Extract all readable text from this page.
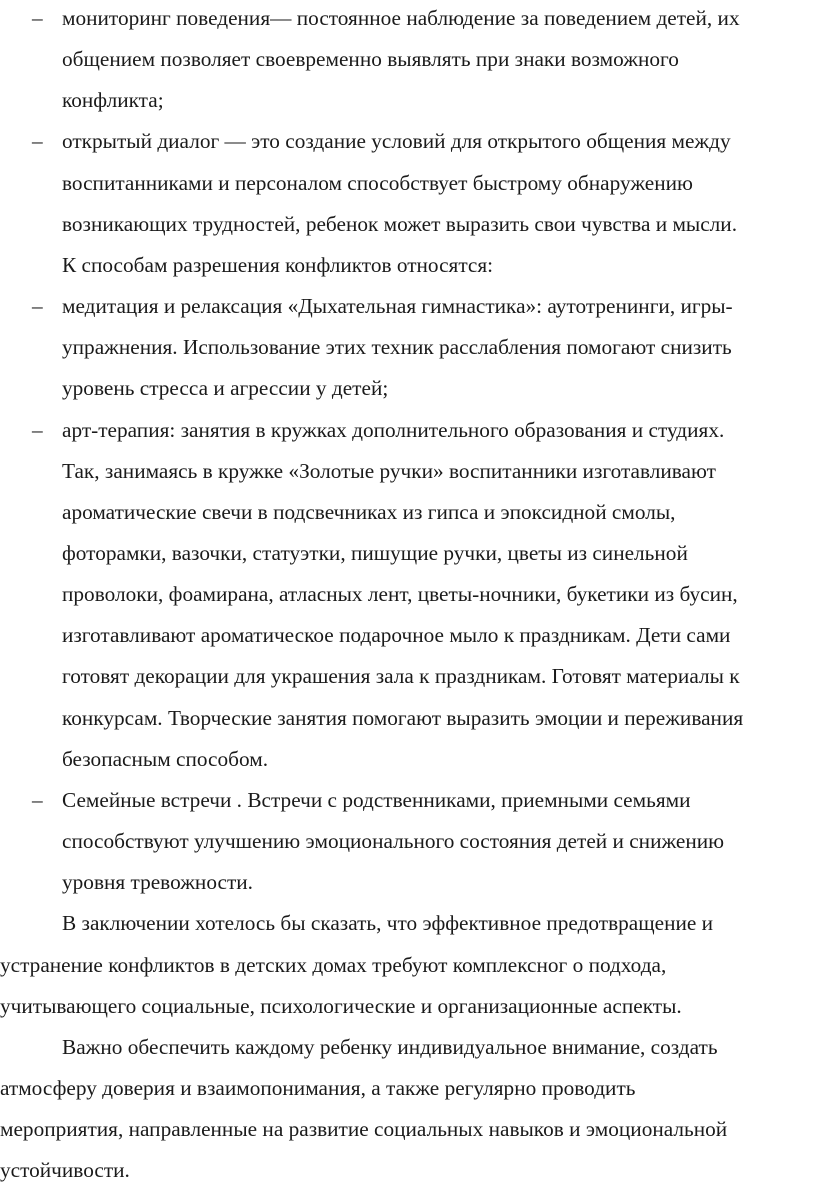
– мониторинг поведения— постоянное наблюдение за поведением детей, их
общением позволяет своевременно выявлять при знаки возможного
конфликта;
– открытый диалог — это создание условий для открытого общения между
воспитанниками и персоналом способствует быстрому обнаружению
возникающих трудностей, ребенок может выразить свои чувства и мысли.
К способам разрешения конфликтов относятся:
– медитация и релаксация «Дыхательная гимнастика»: аутотренинги, игры-
упражнения. Использование этих техник расслабления помогают снизить
уровень стресса и агрессии у детей;
– арт-терапия: занятия в кружках дополнительного образования и студиях.
Так, занимаясь в кружке «Золотые ручки» воспитанники изготавливают
ароматические свечи в подсвечниках из гипса и эпоксидной смолы,
фоторамки, вазочки, статуэтки, пишущие ручки, цветы из синельной
проволоки, фоамирана, атласных лент, цветы-ночники, букетики из бусин,
изготавливают ароматическое подарочное мыло к праздникам. Дети сами
готовят декорации для украшения зала к праздникам. Готовят материалы к
конкурсам. Творческие занятия помогают выразить эмоции и переживания
безопасным способом.
– Семейные встречи . Встречи с родственниками, приемными семьями
способствуют улучшению эмоционального состояния детей и снижению
уровня тревожности.
В заключении хотелось бы сказать, что эффективное предотвращение и
устранение конфликтов в детских домах требуют комплексног о подхода,
учитывающего социальные, психологические и организационные аспекты.
Важно обеспечить каждому ребенку индивидуальное внимание, создать
атмосферу доверия и взаимопонимания, а также регулярно проводить
мероприятия, направленные на развитие социальных навыков и эмоциональной
устойчивости.
